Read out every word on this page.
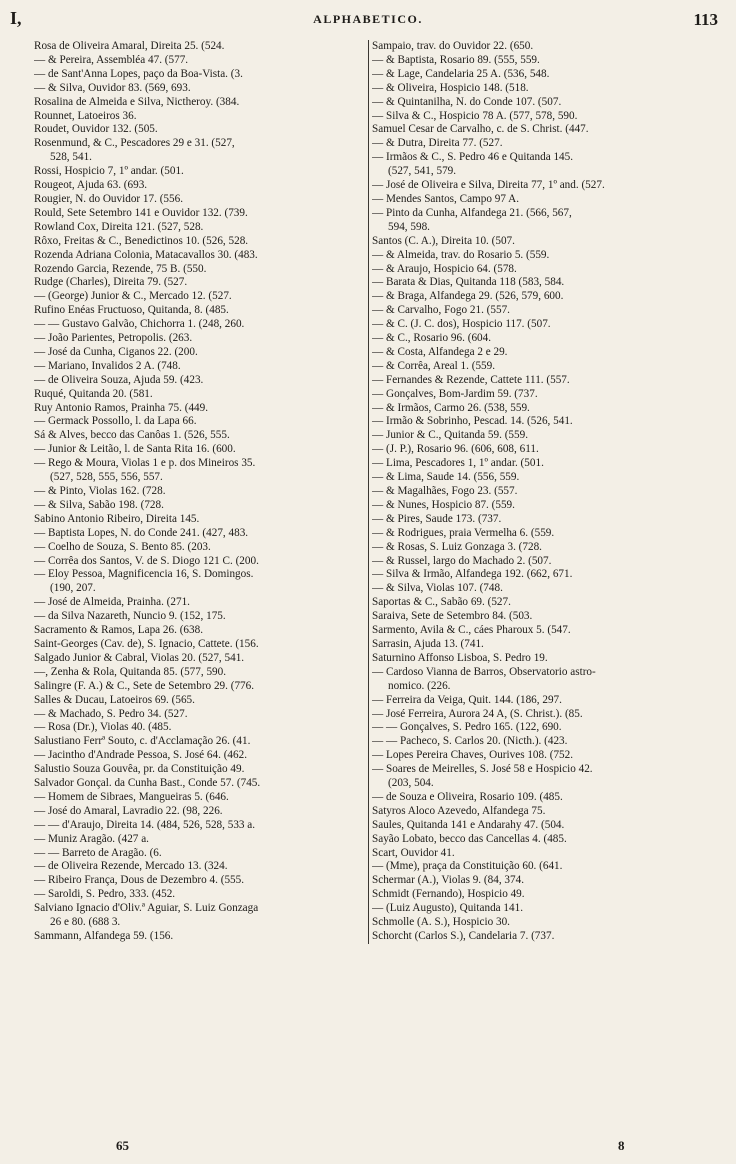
I,	ALPHABETICO.	113
Rosa de Oliveira Amaral, Direita 25. (524.
— & Pereira, Assembléa 47. (577.
— de Sant'Anna Lopes, paço da Boa-Vista. (3.
— & Silva, Ouvidor 83. (569, 693.
Rosalina de Almeida e Silva, Nictheroy. (384.
Rounnet, Latoeiros 36.
Roudet, Ouvidor 132. (505.
Rosenmund, & C., Pescadores 29 e 31. (527,
528, 541.
Rossi, Hospicio 7, 1º andar. (501.
Rougeot, Ajuda 63. (693.
Rougier, N. do Ouvidor 17. (556.
Rould, Sete Setembro 141 e Ouvidor 132. (739.
Rowland Cox, Direita 121. (527, 528.
Rôxo, Freitas & C., Benedictinos 10. (526, 528.
Rozenda Adriana Colonia, Matacavallos 30. (483.
Rozendo Garcia, Rezende, 75 B. (550.
Rudge (Charles), Direita 79. (527.
— (George) Junior & C., Mercado 12. (527.
Rufino Enéas Fructuoso, Quitanda, 8. (485.
— — Gustavo Galvão, Chichorra 1. (248, 260.
— João Parientes, Petropolis. (263.
— José da Cunha, Ciganos 22. (200.
— Mariano, Invalidos 2 A. (748.
— de Oliveira Souza, Ajuda 59. (423.
Ruqué, Quitanda 20. (581.
Ruy Antonio Ramos, Prainha 75. (449.
— Germack Possollo, l. da Lapa 66.
Sá & Alves, becco das Canôas 1. (526, 555.
— Junior & Leitão, l. de Santa Rita 16. (600.
— Rego & Moura, Violas 1 e p. dos Mineiros 35.
(527, 528, 555, 556, 557.
— & Pinto, Violas 162. (728.
— & Silva, Sabão 198. (728.
Sabino Antonio Ribeiro, Direita 145.
— Baptista Lopes, N. do Conde 241. (427, 483.
— Coelho de Souza, S. Bento 85. (203.
— Corrêa dos Santos, V. de S. Diogo 121 C. (200.
— Eloy Pessoa, Magnificencia 16, S. Domingos.
(190, 207.
— José de Almeida, Prainha. (271.
— da Silva Nazareth, Nuncio 9. (152, 175.
Sacramento & Ramos, Lapa 26. (638.
Saint-Georges (Cav. de), S. Ignacio, Cattete. (156.
Salgado Junior & Cabral, Violas 20. (527, 541.
—, Zenha & Rola, Quitanda 85. (577, 590.
Salingre (F. A.) & C., Sete de Setembro 29. (776.
Salles & Ducau, Latoeiros 69. (565.
— & Machado, S. Pedro 34. (527.
— Rosa (Dr.), Violas 40. (485.
Salustiano Ferrª Souto, c. d'Acclamação 26. (41.
— Jacintho d'Andrade Pessoa, S. José 64. (462.
Salustio Souza Gouvêa, pr. da Constituição 49.
Salvador Gonçal. da Cunha Bast., Conde 57. (745.
— Homem de Sibraes, Mangueiras 5. (646.
— José do Amaral, Lavradio 22. (98, 226.
— — d'Araujo, Direita 14. (484, 526, 528, 533 a.
— Muniz Aragão. (427 a.
— — Barreto de Aragão. (6.
— de Oliveira Rezende, Mercado 13. (324.
— Ribeiro França, Dous de Dezembro 4. (555.
— Saroldi, S. Pedro, 333. (452.
Salviano Ignacio d'Oliv.ª Aguiar, S. Luiz Gonzaga
26 e 80. (688 3.
Sammann, Alfandega 59. (156.
Sampaio, trav. do Ouvidor 22. (650.
— & Baptista, Rosario 89. (555, 559.
— & Lage, Candelaria 25 A. (536, 548.
— & Oliveira, Hospicio 148. (518.
— & Quintanilha, N. do Conde 107. (507.
— Silva & C., Hospicio 78 A. (577, 578, 590.
Samuel Cesar de Carvalho, c. de S. Christ. (447.
— & Dutra, Direita 77. (527.
— Irmãos & C., S. Pedro 46 e Quitanda 145.
(527, 541, 579.
— José de Oliveira e Silva, Direita 77, 1º and. (527.
— Mendes Santos, Campo 97 A.
— Pinto da Cunha, Alfandega 21. (566, 567,
594, 598.
Santos (C. A.), Direita 10. (507.
— & Almeida, trav. do Rosario 5. (559.
— & Araujo, Hospicio 64. (578.
— Barata & Dias, Quitanda 118 (583, 584.
— & Braga, Alfandega 29. (526, 579, 600.
— & Carvalho, Fogo 21. (557.
— & C. (J. C. dos), Hospicio 117. (507.
— & C., Rosario 96. (604.
— & Costa, Alfandega 2 e 29.
— & Corrêa, Areal 1. (559.
— Fernandes & Rezende, Cattete 111. (557.
— Gonçalves, Bom-Jardim 59. (737.
— & Irmãos, Carmo 26. (538, 559.
— Irmão & Sobrinho, Pescad. 14. (526, 541.
— Junior & C., Quitanda 59. (559.
— (J. P.), Rosario 96. (606, 608, 611.
— Lima, Pescadores 1, 1º andar. (501.
— & Lima, Saude 14. (556, 559.
— & Magalhães, Fogo 23. (557.
— & Nunes, Hospicio 87. (559.
— & Pires, Saude 173. (737.
— & Rodrigues, praia Vermelha 6. (559.
— & Rosas, S. Luiz Gonzaga 3. (728.
— & Russel, largo do Machado 2. (507.
— Silva & Irmão, Alfandega 192. (662, 671.
— & Silva, Violas 107. (748.
Saportas & C., Sabão 69. (527.
Saraiva, Sete de Setembro 84. (503.
Sarmento, Avila & C., cáes Pharoux 5. (547.
Sarrasin, Ajuda 13. (741.
Saturnino Affonso Lisboa, S. Pedro 19.
— Cardoso Vianna de Barros, Observatorio astro-
nomico. (226.
— Ferreira da Veiga, Quit. 144. (186, 297.
— José Ferreira, Aurora 24 A, (S. Christ.). (85.
— — Gonçalves, S. Pedro 165. (122, 690.
— — Pacheco, S. Carlos 20. (Nicth.). (423.
— Lopes Pereira Chaves, Ourives 108. (752.
— Soares de Meirelles, S. José 58 e Hospicio 42.
(203, 504.
— de Souza e Oliveira, Rosario 109. (485.
Satyros Aloco Azevedo, Alfandega 75.
Saules, Quitanda 141 e Andarahy 47. (504.
Sayão Lobato, becco das Cancellas 4. (485.
Scart, Ouvidor 41.
— (Mme), praça da Constituição 60. (641.
Schermar (A.), Violas 9. (84, 374.
Schmidt (Fernando), Hospicio 49.
— (Luiz Augusto), Quitanda 141.
Schmolle (A. S.), Hospicio 30.
Schorcht (Carlos S.), Candelaria 7. (737.
65	8
